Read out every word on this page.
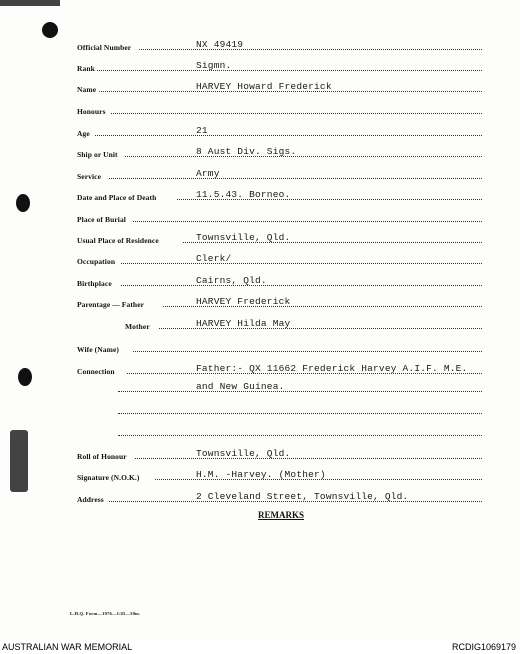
Official Number	NX 49419
Rank	Sigmn.
Name	HARVEY Howard Frederick
Honours
Age	21
Ship or Unit	8 Aust Div. Sigs.
Service	Army
Date and Place of Death	11.5.43. Borneo.
Place of Burial
Usual Place of Residence	Townsville, Qld.
Occupation	Clerk/
Birthplace	Cairns, Qld.
Parentage — Father	HARVEY Frederick
Mother	HARVEY Hilda May
Wife (Name)
Connection	Father:- QX 11662 Frederick Harvey A.I.F. M.E.
and New Guinea.
Roll of Honour	Townsville, Qld.
Signature (N.O.K.)	H.M. -Harvey. (Mother)
Address	2 Cleveland Street, Townsville, Qld.
REMARKS
L.H.Q. Form—1976—1/45—50m.
AUSTRALIAN WAR MEMORIAL	RCDIG1069179
